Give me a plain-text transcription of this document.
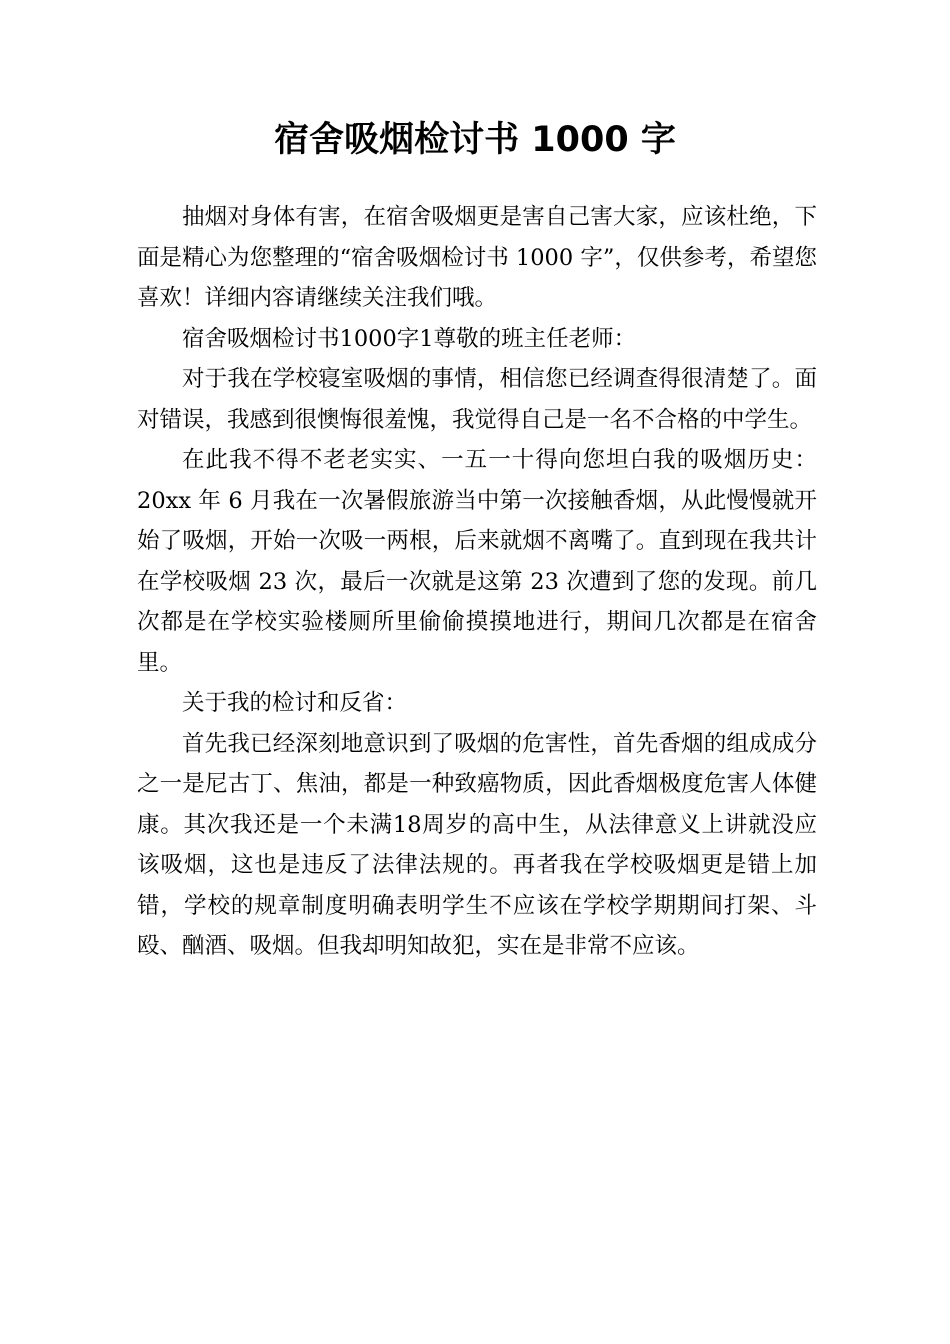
宿舍吸烟检讨书 1000 字

抽烟对身体有害，在宿舍吸烟更是害自己害大家，应该杜绝，下面是精心为您整理的“宿舍吸烟检讨书 1000 字”，仅供参考，希望您喜欢！详细内容请继续关注我们哦。

宿舍吸烟检讨书1000字1尊敬的班主任老师：

对于我在学校寝室吸烟的事情，相信您已经调查得很清楚了。面对错误，我感到很懊悔很羞愧，我觉得自己是一名不合格的中学生。

在此我不得不老老实实、一五一十得向您坦白我的吸烟历史：20xx 年 6 月我在一次暑假旅游当中第一次接触香烟，从此慢慢就开始了吸烟，开始一次吸一两根，后来就烟不离嘴了。直到现在我共计在学校吸烟 23 次，最后一次就是这第 23 次遭到了您的发现。前几次都是在学校实验楼厕所里偷偷摸摸地进行，期间几次都是在宿舍里。

关于我的检讨和反省：

首先我已经深刻地意识到了吸烟的危害性，首先香烟的组成成分之一是尼古丁、焦油，都是一种致癌物质，因此香烟极度危害人体健康。其次我还是一个未满18周岁的高中生，从法律意义上讲就没应该吸烟，这也是违反了法律法规的。再者我在学校吸烟更是错上加错，学校的规章制度明确表明学生不应该在学校学期期间打架、斗殴、酗酒、吸烟。但我却明知故犯，实在是非常不应该。
